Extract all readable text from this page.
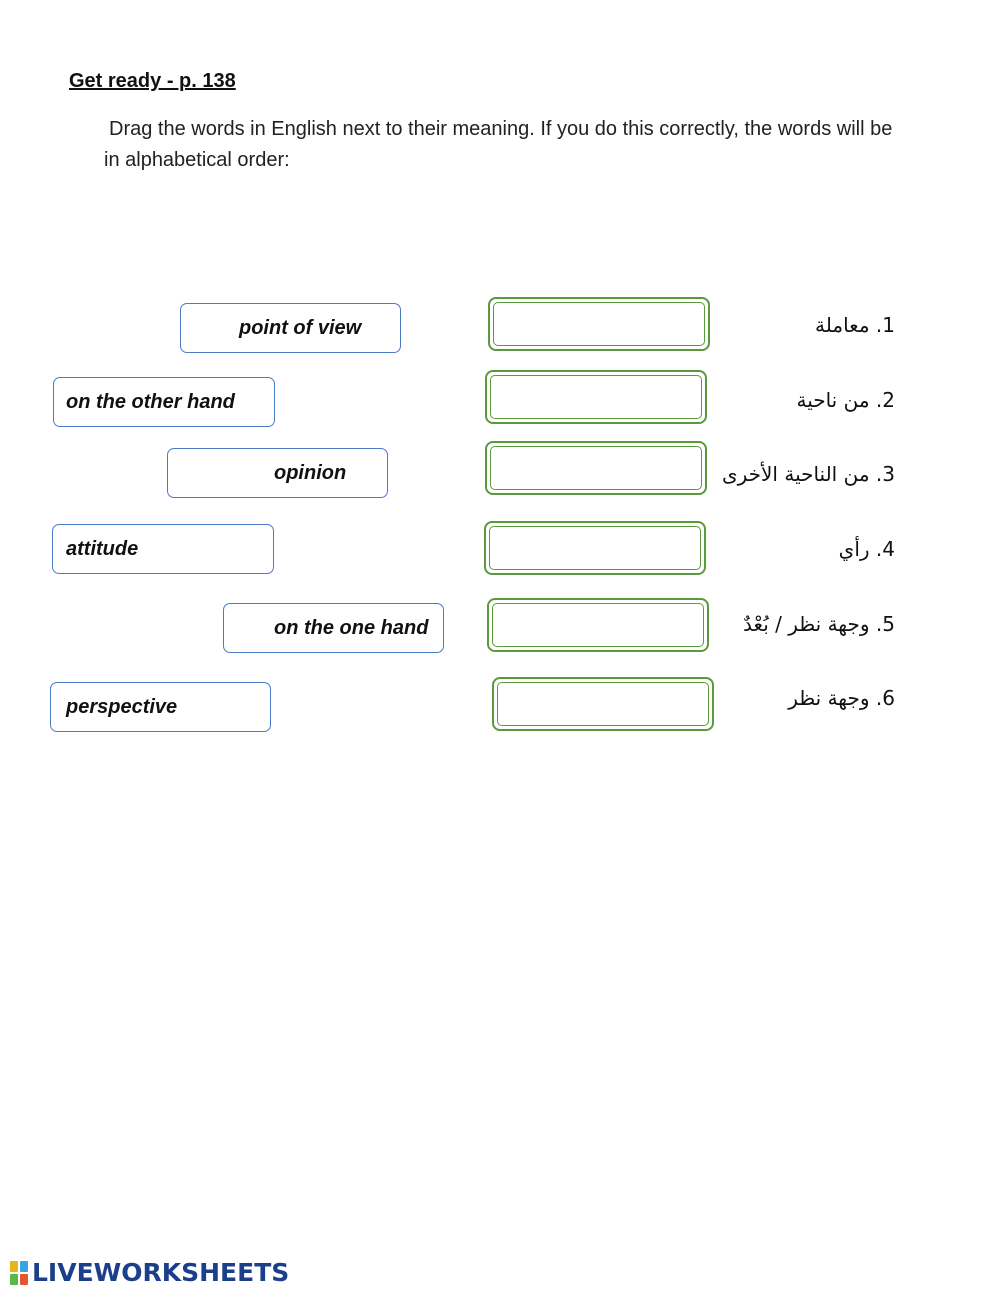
Get ready - p. 138
Drag the words in English next to their meaning. If you do this correctly, the words will be in alphabetical order:
point of view
on the other hand
opinion
attitude
on the one hand
perspective
1. معاملة
2. من ناحية
3. من الناحية الأخرى
4. رأي
5. وجهة نظر / بُعْدٌ
6. وجهة نظر
LIVEWORKSHEETS
